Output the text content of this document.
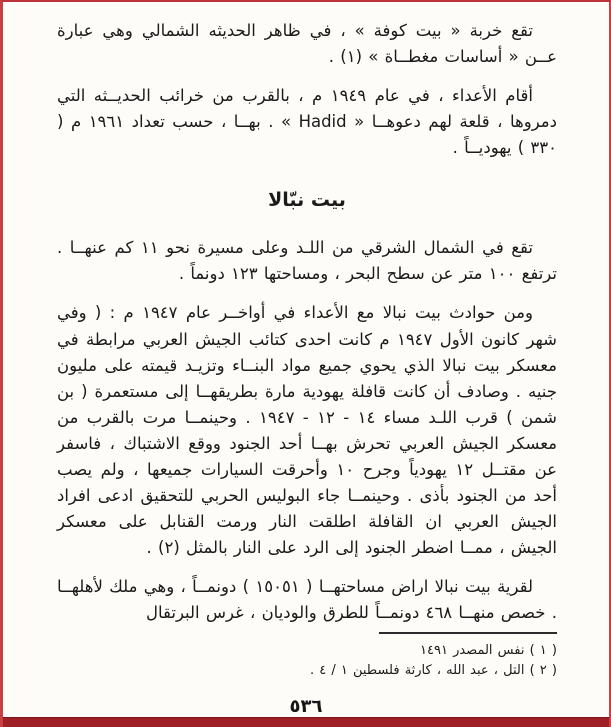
تقع خربة « بيت كوفة » ، في ظاهر الحديثه الشمالي وهي عبارة عــن « أساسات مغطــاة » (١) .

أقام الأعداء ، في عام ١٩٤٩ م ، بالقرب من خرائب الحديــثه التي دمروها ، قلعة لهم دعوهــا « Hadid » . بهــا ، حسب تعداد ١٩٦١ م ( ٣٣٠ ) يهوديــاً .

بيت نبّالا

تقع في الشمال الشرقي من اللـد وعلى مسيرة نحو ١١ كم عنهــا . ترتفع ١٠٠ متر عن سطح البحر ، ومساحتها ١٢٣ دونماً .

ومن حوادث بيت نبالا مع الأعداء في أواخــر عام ١٩٤٧ م : ( وفي شهر كانون الأول ١٩٤٧ م كانت احدى كتائب الجيش العربي مرابطة في معسكر بيت نبالا الذي يحوي جميع مواد البنــاء وتزيـد قيمته على مليون جنيه . وصادف أن كانت قافلة يهودية مارة بطريقهــا إلى مستعمرة ( بن شمن ) قرب اللـد مساء ١٤ - ١٢ - ١٩٤٧ . وحينمــا مرت بالقرب من معسكر الجيش العربي تحرش بهــا أحد الجنود ووقع الاشتباك ، فاسفر عن مقتــل ١٢ يهودياً وجرح ١٠ وأحرقت السيارات جميعها ، ولم يصب أحد من الجنود بأذى . وحينمــا جاء البوليس الحربي للتحقيق ادعى افراد الجيش العربي ان القافلة اطلقت النار ورمت القنابل على معسكر الجيش ، ممــا اضطر الجنود إلى الرد على النار بالمثل (٢) .

لقرية بيت نبالا اراض مساحتهــا ( ١٥٠٥١ ) دونمــاً ، وهي ملك لأهلهــا . خصص منهــا ٤٦٨ دونمــاً للطرق والوديان ، غرس البرتقال

( ١ ) نفس المصدر ١٤٩١
( ٢ ) التل ، عبد الله ، كارثة فلسطين ١ / ٤ .
٥٣٦
